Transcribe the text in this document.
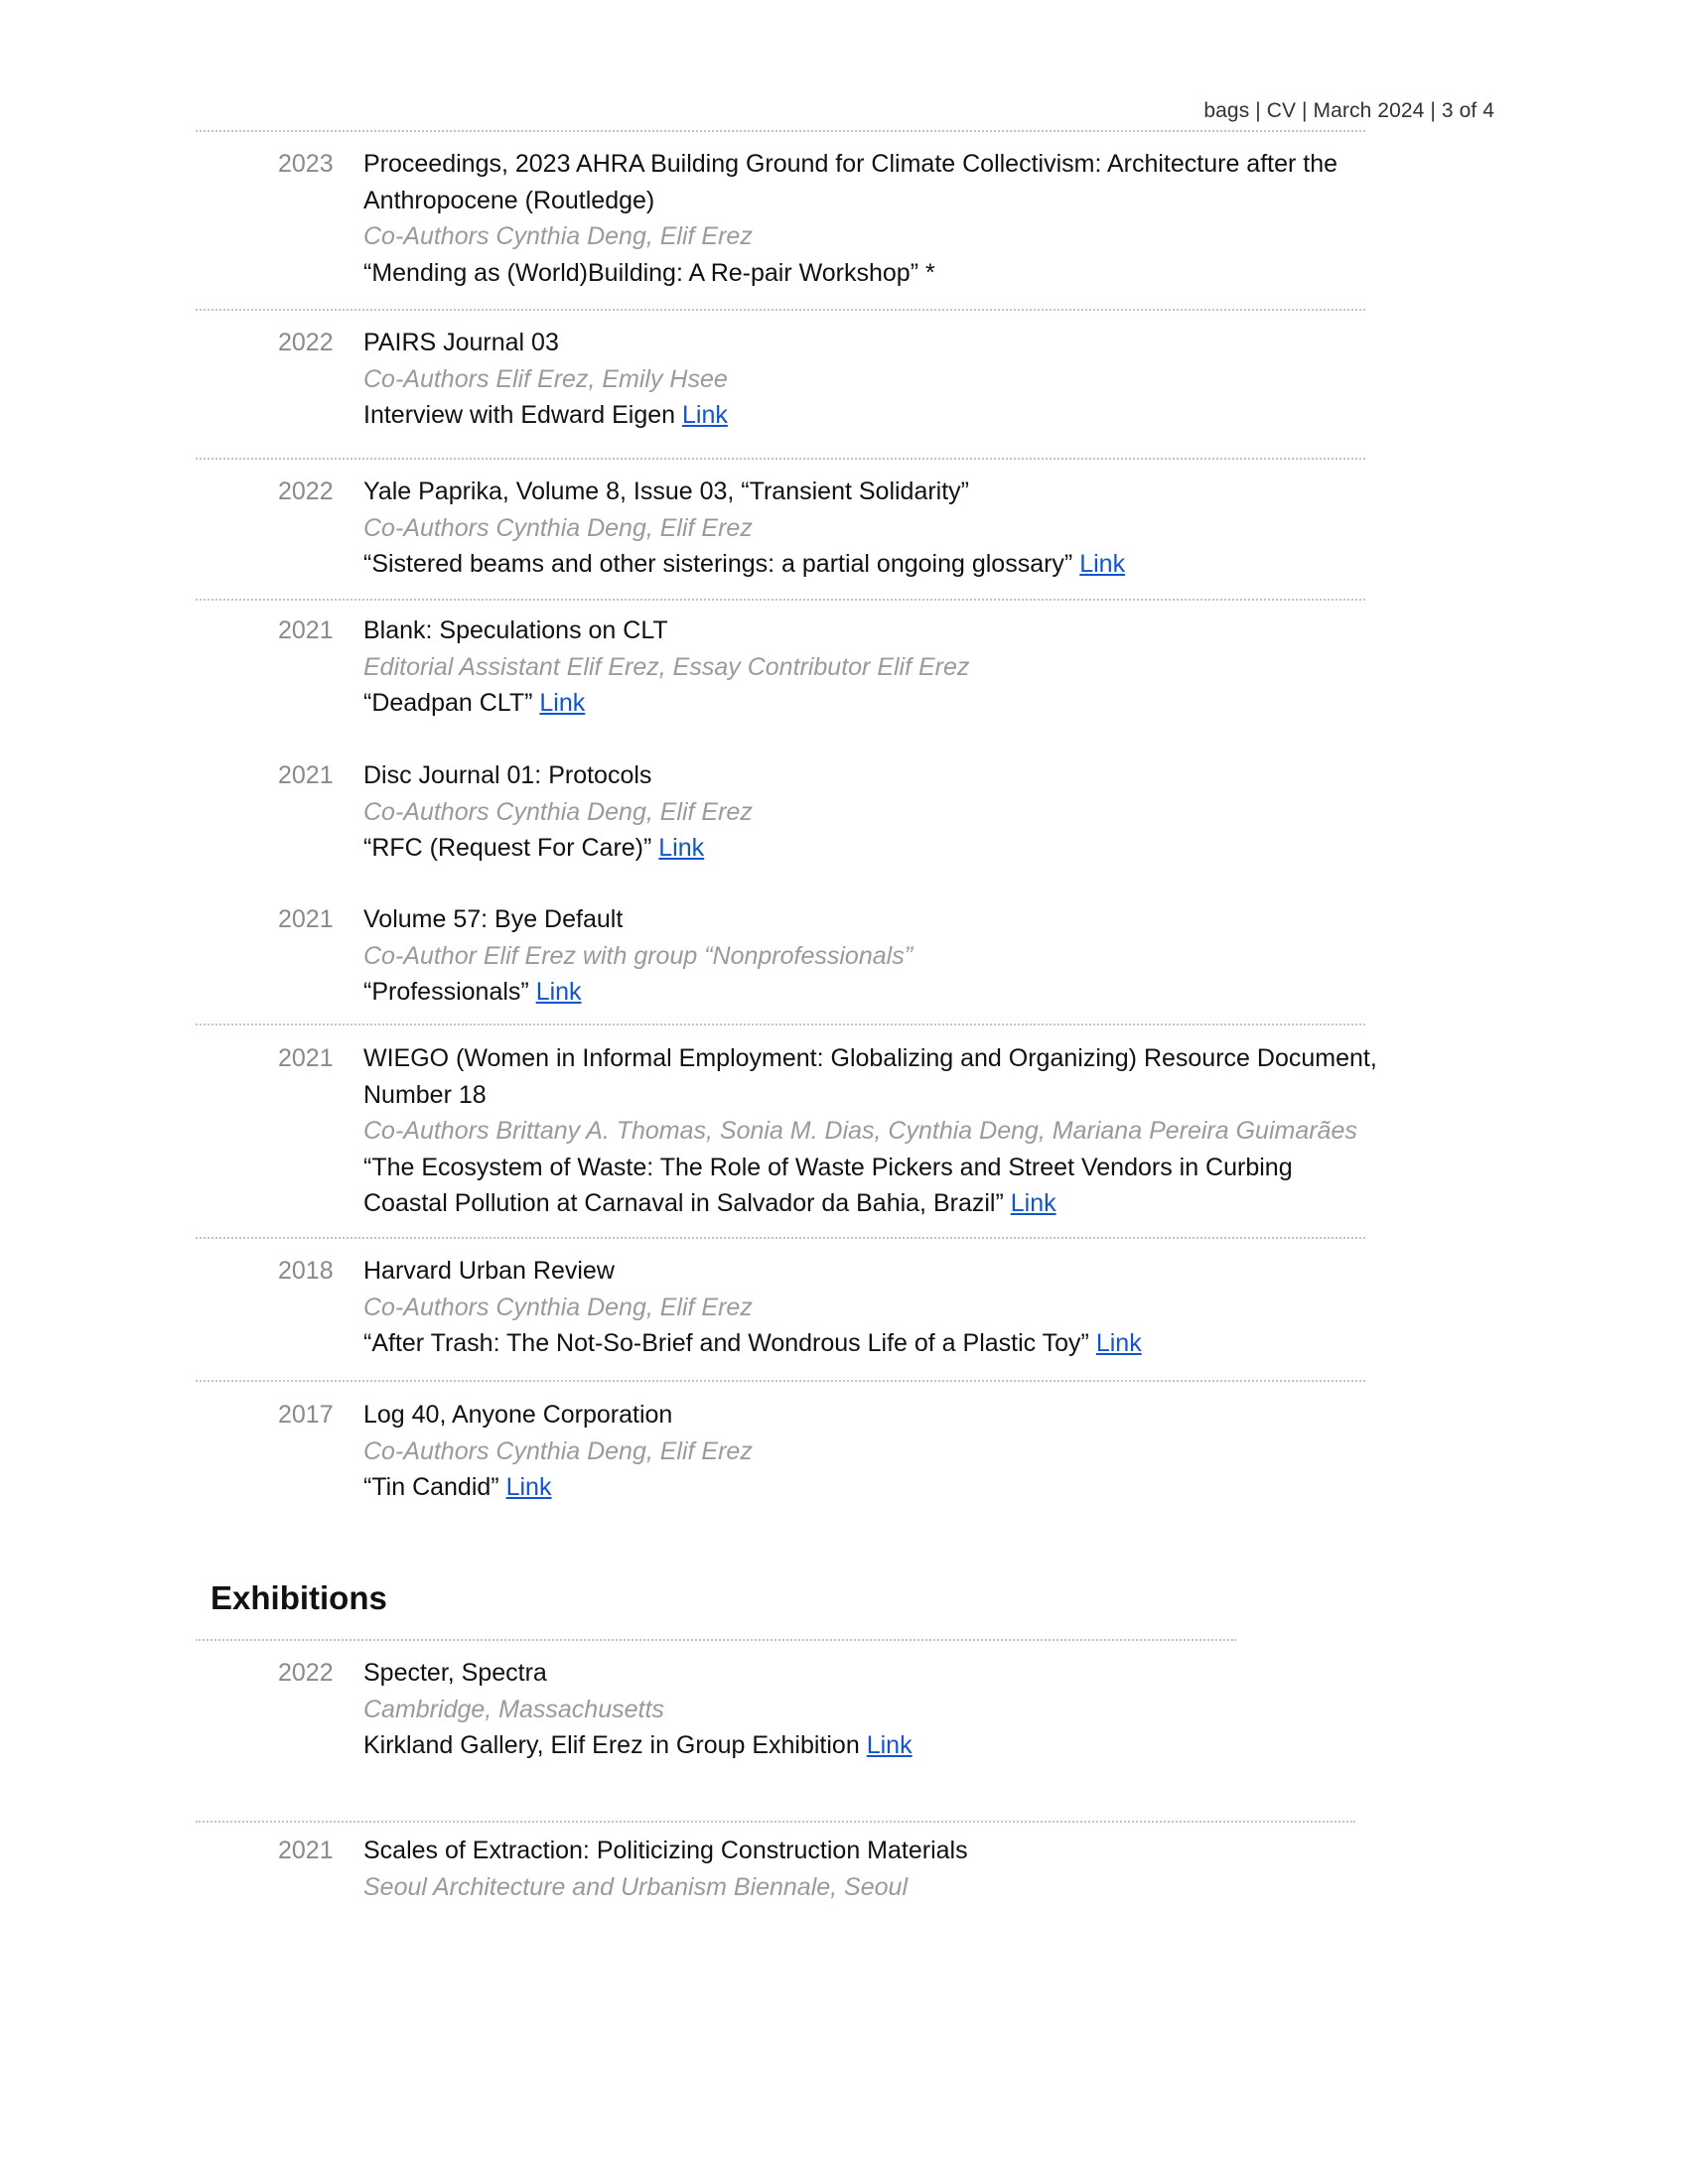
bags | CV | March 2024 | 3 of 4
2023 Proceedings, 2023 AHRA Building Ground for Climate Collectivism: Architecture after the Anthropocene (Routledge)
Co-Authors Cynthia Deng, Elif Erez
“Mending as (World)Building: A Re-pair Workshop” *
2022 PAIRS Journal 03
Co-Authors Elif Erez, Emily Hsee
Interview with Edward Eigen Link
2022 Yale Paprika, Volume 8, Issue 03, “Transient Solidarity”
Co-Authors Cynthia Deng, Elif Erez
“Sistered beams and other sisterings: a partial ongoing glossary” Link
2021 Blank: Speculations on CLT
Editorial Assistant Elif Erez, Essay Contributor Elif Erez
“Deadpan CLT” Link
2021 Disc Journal 01: Protocols
Co-Authors Cynthia Deng, Elif Erez
“RFC (Request For Care)” Link
2021 Volume 57: Bye Default
Co-Author Elif Erez with group “Nonprofessionals”
“Professionals” Link
2021 WIEGO (Women in Informal Employment: Globalizing and Organizing) Resource Document, Number 18
Co-Authors Brittany A. Thomas, Sonia M. Dias, Cynthia Deng, Mariana Pereira Guimarães
“The Ecosystem of Waste: The Role of Waste Pickers and Street Vendors in Curbing Coastal Pollution at Carnaval in Salvador da Bahia, Brazil” Link
2018 Harvard Urban Review
Co-Authors Cynthia Deng, Elif Erez
“After Trash: The Not-So-Brief and Wondrous Life of a Plastic Toy” Link
2017 Log 40, Anyone Corporation
Co-Authors Cynthia Deng, Elif Erez
“Tin Candid” Link
Exhibitions
2022 Specter, Spectra
Cambridge, Massachusetts
Kirkland Gallery, Elif Erez in Group Exhibition Link
2021 Scales of Extraction: Politicizing Construction Materials
Seoul Architecture and Urbanism Biennale, Seoul
